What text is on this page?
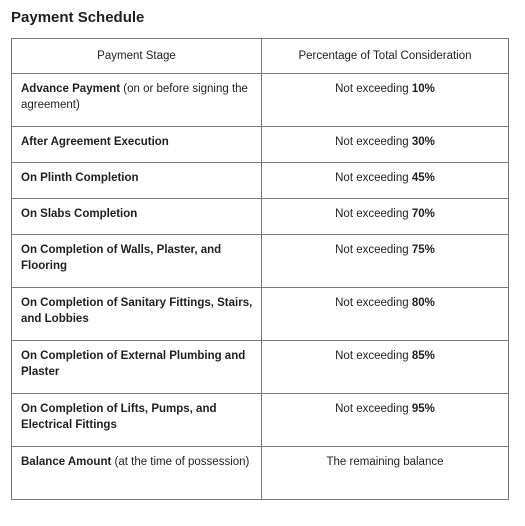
Payment Schedule
Payment Stage	Percentage of Total Consideration
Advance Payment (on or before signing the agreement)	Not exceeding 10%
After Agreement Execution	Not exceeding 30%
On Plinth Completion	Not exceeding 45%
On Slabs Completion	Not exceeding 70%
On Completion of Walls, Plaster, and Flooring	Not exceeding 75%
On Completion of Sanitary Fittings, Stairs, and Lobbies	Not exceeding 80%
On Completion of External Plumbing and Plaster	Not exceeding 85%
On Completion of Lifts, Pumps, and Electrical Fittings	Not exceeding 95%
Balance Amount (at the time of possession)	The remaining balance
